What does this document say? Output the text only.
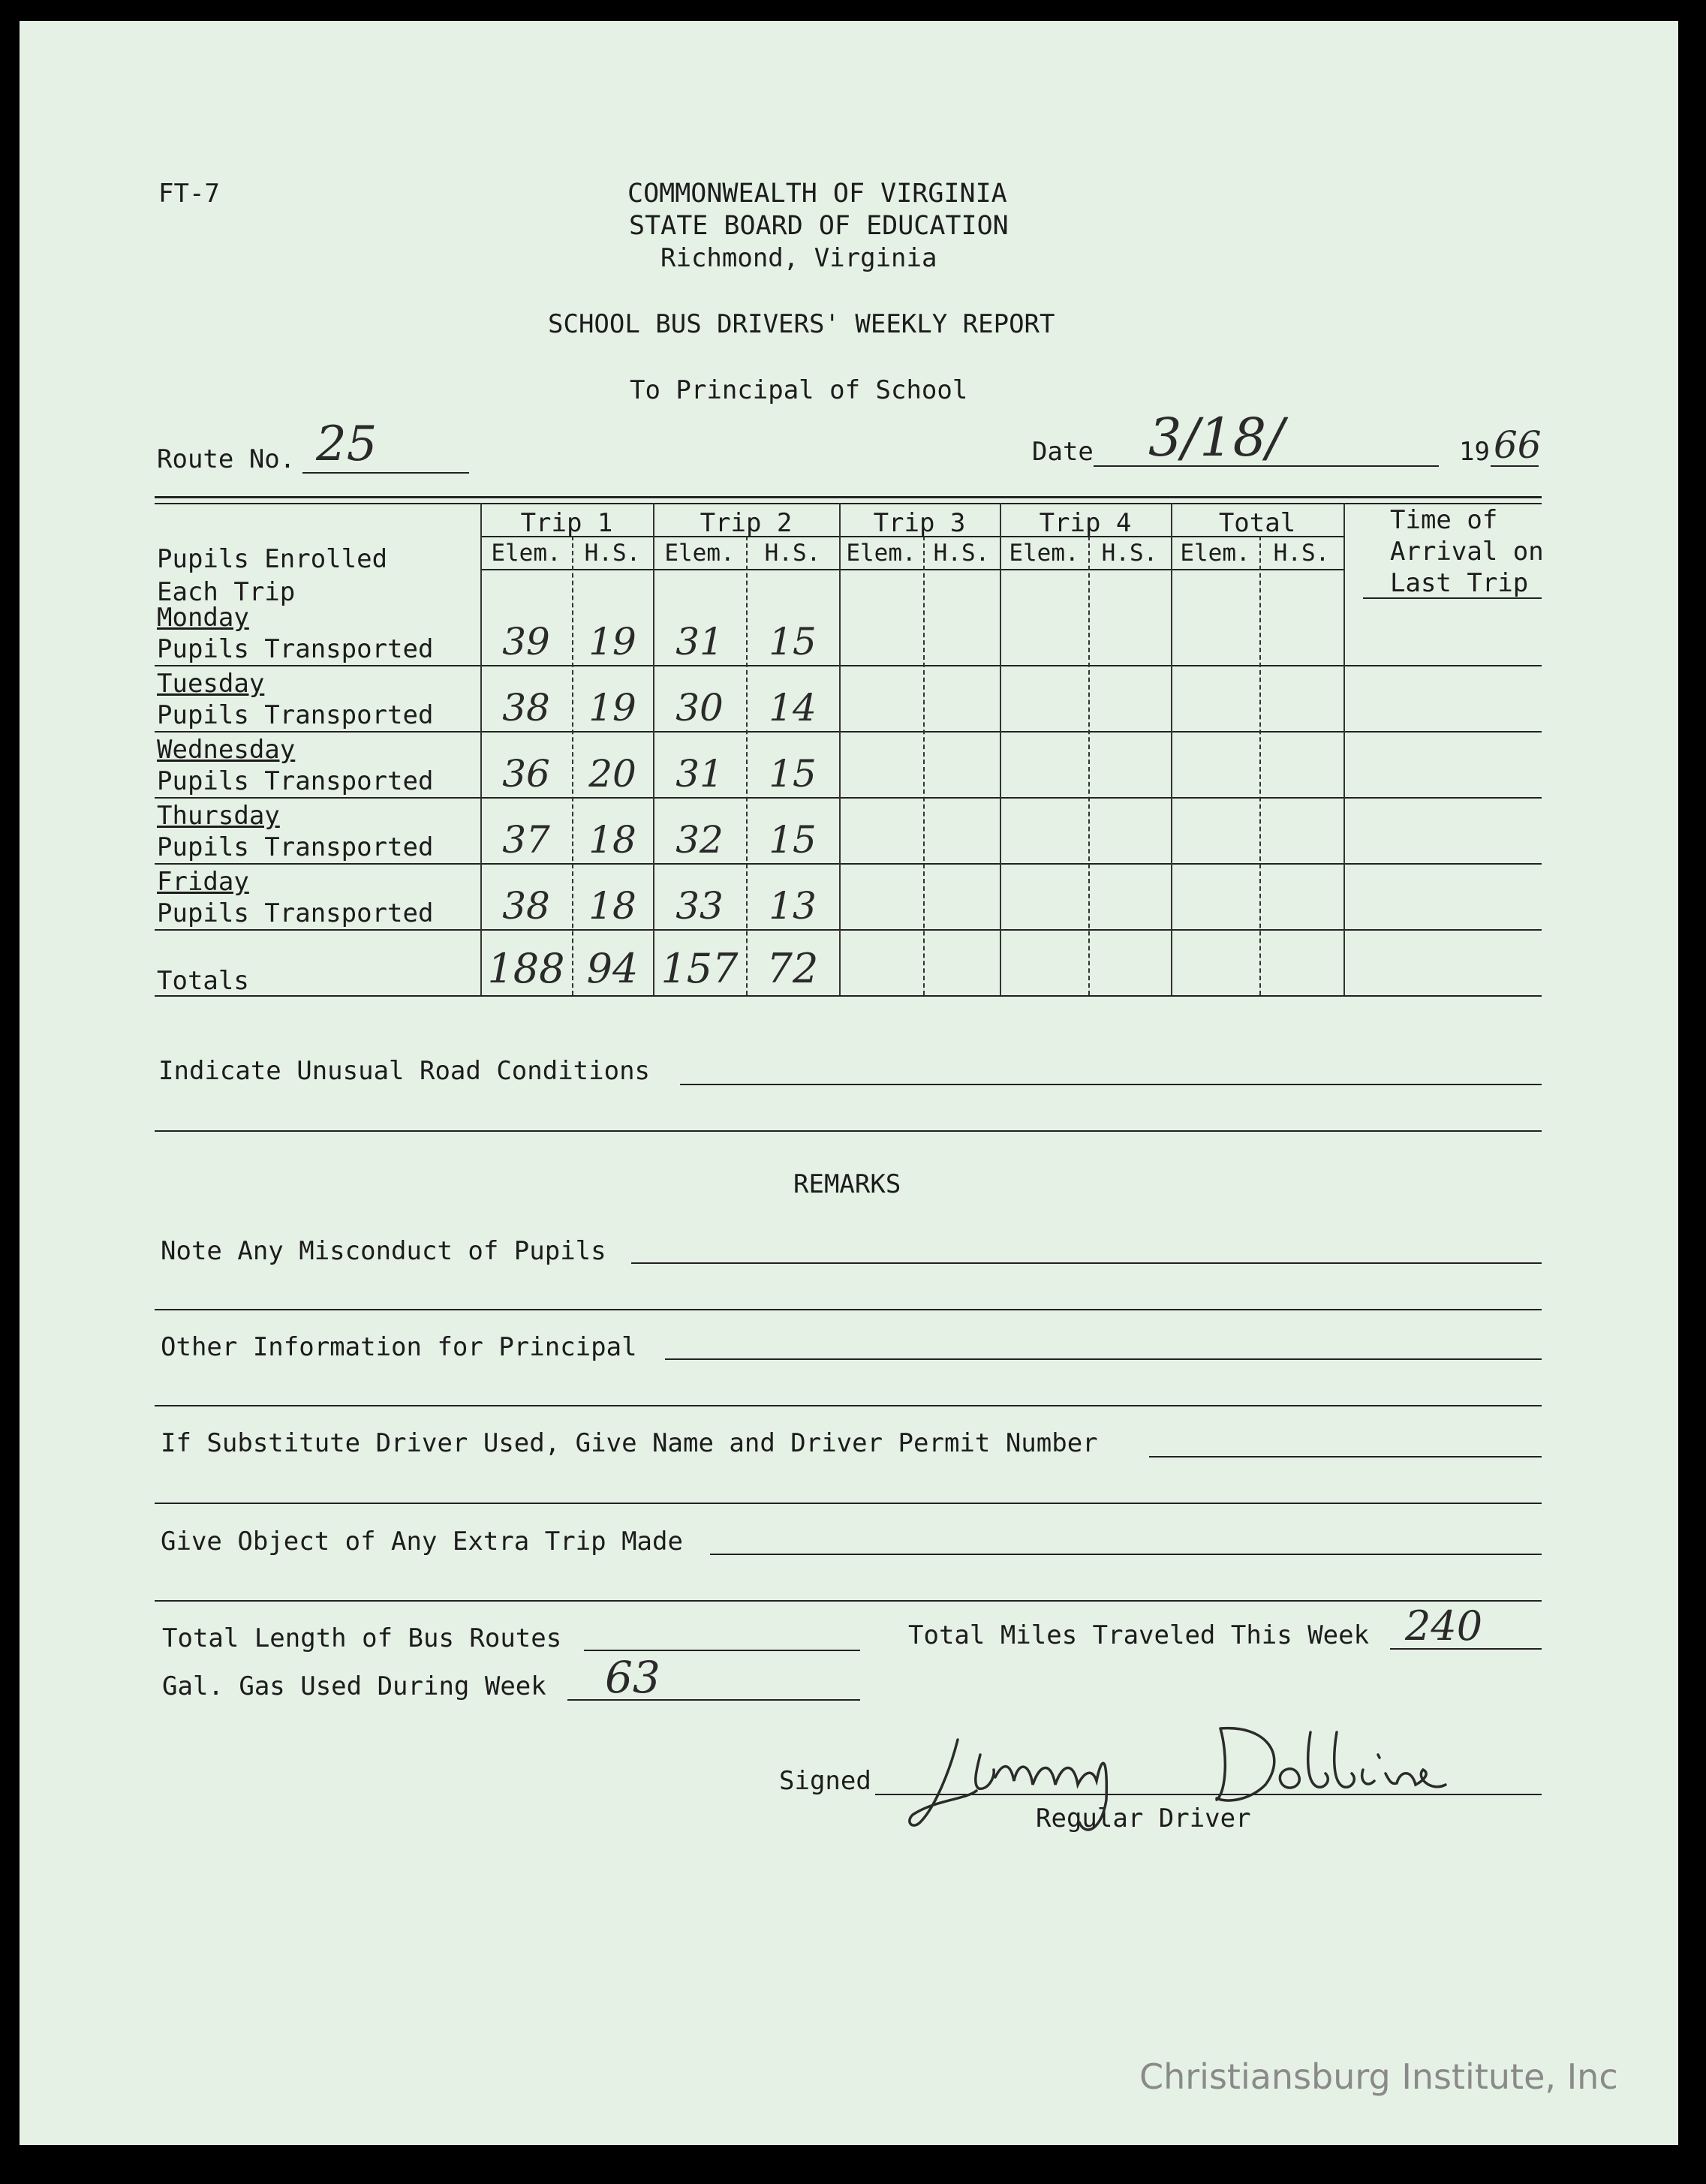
FT-7	COMMONWEALTH OF VIRGINIA
STATE BOARD OF EDUCATION
Richmond, Virginia
SCHOOL BUS DRIVERS' WEEKLY REPORT
To Principal of School
Route No. 25	Date 3/18/	19 66
Trip 1	Trip 2	Trip 3	Trip 4	Total
Elem.	H.S.	Elem.	H.S.	Elem. H.S. Elem. H.S. Elem.	H.S.
Pupils Enrolled
Each Trip
Time of
Arrival on
Last Trip
Monday
Pupils Transported	39	19	31	15
Tuesday
Pupils Transported	38	19	30	14
Wednesday
Pupils Transported	36	20	31	15
Thursday
Pupils Transported	37	18	32	15
Friday
Pupils Transported	38	18	33	13
Totals	188 94 157 72
Indicate Unusual Road Conditions
REMARKS
Note Any Misconduct of Pupils
Other Information for Principal
If Substitute Driver Used, Give Name and Driver Permit Number
Give Object of Any Extra Trip Made
Total Length of Bus Routes	Total Miles Traveled This Week 240
Gal. Gas Used During Week 63
Signed
Regular Driver
Christiansburg Institute, Inc
